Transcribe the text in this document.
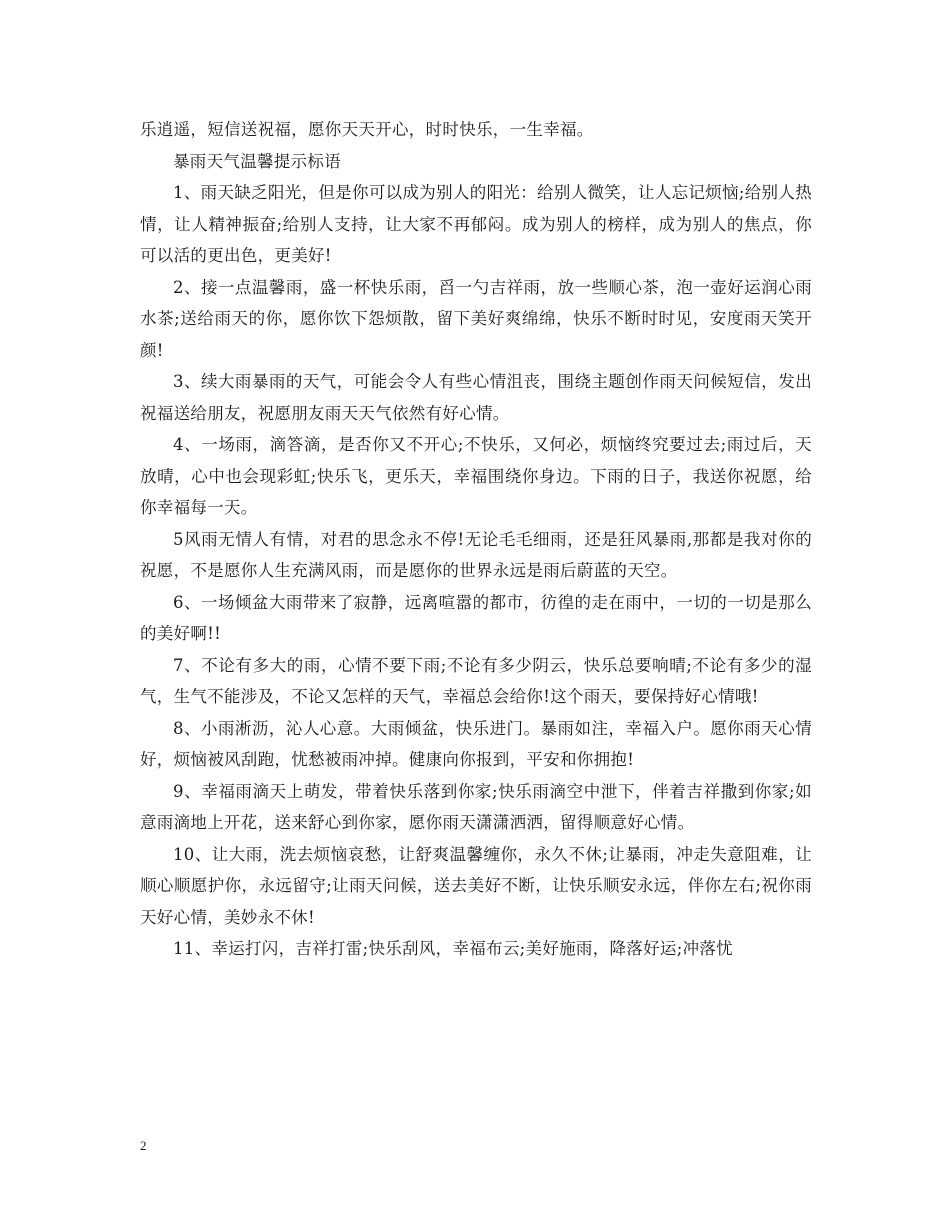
乐逍遥，短信送祝福，愿你天天开心，时时快乐，一生幸福。

暴雨天气温馨提示标语

1、雨天缺乏阳光，但是你可以成为别人的阳光：给别人微笑，让人忘记烦恼;给别人热情，让人精神振奋;给别人支持，让大家不再郁闷。成为别人的榜样，成为别人的焦点，你可以活的更出色，更美好!

2、接一点温馨雨，盛一杯快乐雨，舀一勺吉祥雨，放一些顺心茶，泡一壶好运润心雨水茶;送给雨天的你，愿你饮下怨烦散，留下美好爽绵绵，快乐不断时时见，安度雨天笑开颜!

3、续大雨暴雨的天气，可能会令人有些心情沮丧，围绕主题创作雨天问候短信，发出祝福送给朋友，祝愿朋友雨天天气依然有好心情。

4、一场雨，滴答滴，是否你又不开心;不快乐，又何必，烦恼终究要过去;雨过后，天放晴，心中也会现彩虹;快乐飞，更乐天，幸福围绕你身边。下雨的日子，我送你祝愿，给你幸福每一天。

5风雨无情人有情，对君的思念永不停!无论毛毛细雨，还是狂风暴雨,那都是我对你的祝愿，不是愿你人生充满风雨，而是愿你的世界永远是雨后蔚蓝的天空。

6、一场倾盆大雨带来了寂静，远离喧嚣的都市，彷徨的走在雨中，一切的一切是那么的美好啊!!

7、不论有多大的雨，心情不要下雨;不论有多少阴云，快乐总要响晴;不论有多少的湿气，生气不能涉及，不论又怎样的天气，幸福总会给你!这个雨天，要保持好心情哦!

8、小雨淅沥，沁人心意。大雨倾盆，快乐进门。暴雨如注，幸福入户。愿你雨天心情好，烦恼被风刮跑，忧愁被雨冲掉。健康向你报到，平安和你拥抱!

9、幸福雨滴天上萌发，带着快乐落到你家;快乐雨滴空中泄下，伴着吉祥撒到你家;如意雨滴地上开花，送来舒心到你家，愿你雨天潇潇洒洒，留得顺意好心情。

10、让大雨，洗去烦恼哀愁，让舒爽温馨缠你，永久不休;让暴雨，冲走失意阻难，让顺心顺愿护你，永远留守;让雨天问候，送去美好不断，让快乐顺安永远，伴你左右;祝你雨天好心情，美妙永不休!

11、幸运打闪，吉祥打雷;快乐刮风，幸福布云;美好施雨，降落好运;冲落忧

2
